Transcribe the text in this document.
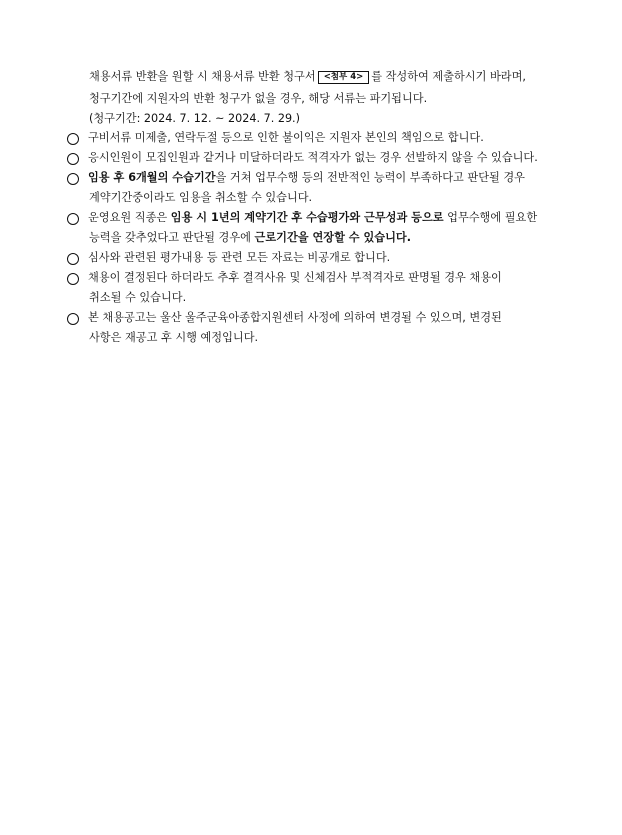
채용서류 반환을 원할 시 채용서류 반환 청구서 <첨부 4> 를 작성하여 제출하시기 바라며,
청구기간에 지원자의 반환 청구가 없을 경우, 해당 서류는 파기됩니다.
(청구기간: 2024. 7. 12. ~ 2024. 7. 29.)
구비서류 미제출, 연락두절 등으로 인한 불이익은 지원자 본인의 책임으로 합니다.
응시인원이 모집인원과 같거나 미달하더라도 적격자가 없는 경우 선발하지 않을 수 있습니다.
임용 후 6개월의 수습기간을 거쳐 업무수행 등의 전반적인 능력이 부족하다고 판단될 경우
계약기간중이라도 임용을 취소할 수 있습니다.
운영요원 직종은 임용 시 1년의 계약기간 후 수습평가와 근무성과 등으로 업무수행에 필요한
능력을 갖추었다고 판단될 경우에 근로기간을 연장할 수 있습니다.
심사와 관련된 평가내용 등 관련 모든 자료는 비공개로 합니다.
채용이 결정된다 하더라도 추후 결격사유 및 신체검사 부적격자로 판명될 경우 채용이
취소될 수 있습니다.
본 채용공고는 울산 울주군육아종합지원센터 사정에 의하여 변경될 수 있으며, 변경된
사항은 재공고 후 시행 예정입니다.
